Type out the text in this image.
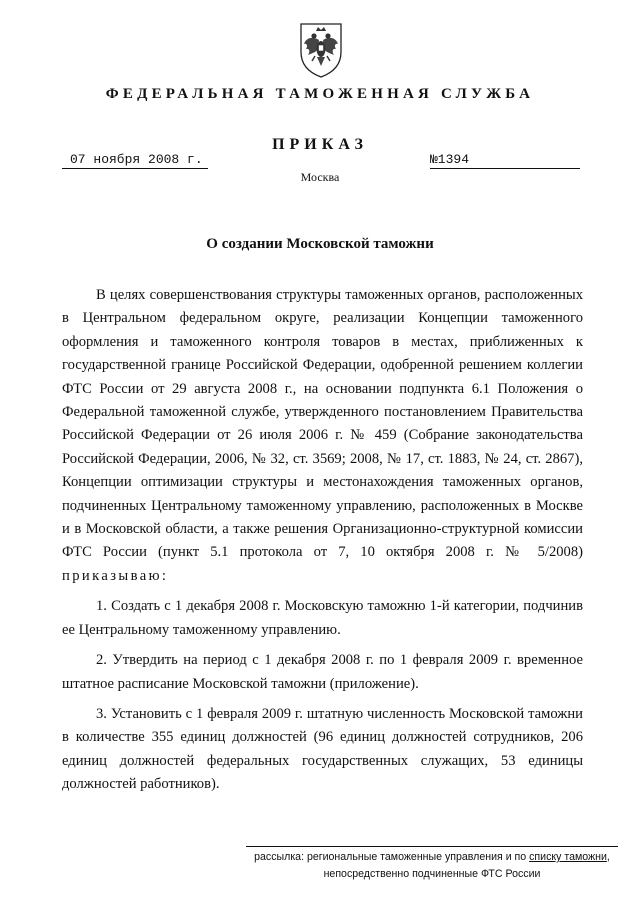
ФЕДЕРАЛЬНАЯ ТАМОЖЕННАЯ СЛУЖБА
ПРИКАЗ
07 ноября 2008 г.	№1394
Москва
О создании Московской таможни

В целях совершенствования структуры таможенных органов, расположенных в Центральном федеральном округе, реализации Концепции таможенного оформления и таможенного контроля товаров в местах, приближенных к государственной границе Российской Федерации, одобренной решением коллегии ФТС России от 29 августа 2008 г., на основании подпункта 6.1 Положения о Федеральной таможенной службе, утвержденного постановлением Правительства Российской Федерации от 26 июля 2006 г. № 459 (Собрание законодательства Российской Федерации, 2006, № 32, ст. 3569; 2008, № 17, ст. 1883, № 24, ст. 2867), Концепции оптимизации структуры и местонахождения таможенных органов, подчиненных Центральному таможенному управлению, расположенных в Москве и в Московской области, а также решения Организационно-структурной комиссии ФТС России (пункт 5.1 протокола от 7, 10 октября 2008 г. № 5/2008) приказываю:

1. Создать с 1 декабря 2008 г. Московскую таможню 1-й категории, подчинив ее Центральному таможенному управлению.

2. Утвердить на период с 1 декабря 2008 г. по 1 февраля 2009 г. временное штатное расписание Московской таможни (приложение).

3. Установить с 1 февраля 2009 г. штатную численность Московской таможни в количестве 355 единиц должностей (96 единиц должностей сотрудников, 206 единиц должностей федеральных государственных служащих, 53 единицы должностей работников).

рассылка: региональные таможенные управления и по списку таможни,
непосредственно подчиненные ФТС России
